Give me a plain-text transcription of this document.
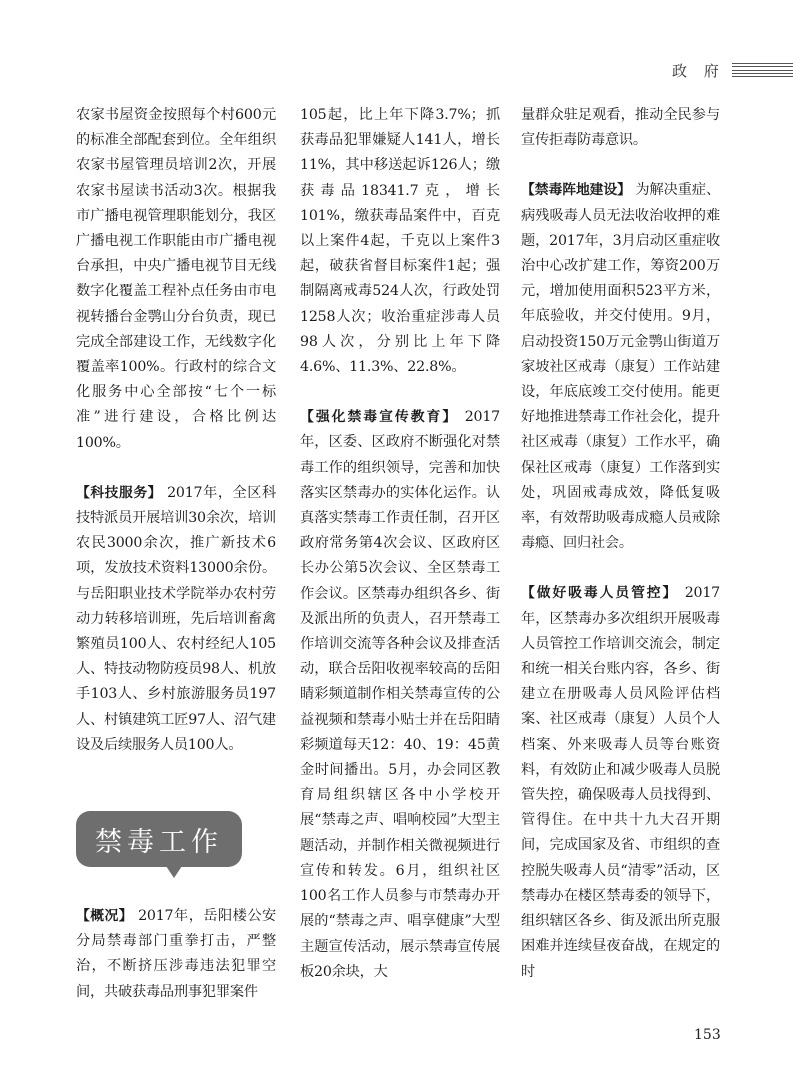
政 府

农家书屋资金按照每个村600元的标准全部配套到位。全年组织农家书屋管理员培训2次，开展农家书屋读书活动3次。根据我市广播电视管理职能划分，我区广播电视工作职能由市广播电视台承担，中央广播电视节目无线数字化覆盖工程补点任务由市电视转播台金鹗山分台负责，现已完成全部建设工作，无线数字化覆盖率100%。行政村的综合文化服务中心全部按“七个一标准”进行建设，合格比例达100%。

【科技服务】 2017年，全区科技特派员开展培训30余次，培训农民3000余次，推广新技术6项，发放技术资料13000余份。与岳阳职业技术学院举办农村劳动力转移培训班，先后培训畜禽繁殖员100人、农村经纪人105人、特技动物防疫员98人、机放手103人、乡村旅游服务员197人、村镇建筑工匠97人、沼气建设及后续服务人员100人。

禁毒工作

【概况】 2017年，岳阳楼公安分局禁毒部门重拳打击，严整治，不断挤压涉毒违法犯罪空间，共破获毒品刑事犯罪案件

105起，比上年下降3.7%；抓获毒品犯罪嫌疑人141人，增长11%，其中移送起诉126人；缴获毒品18341.7克，增长101%，缴获毒品案件中，百克以上案件4起，千克以上案件3起，破获省督目标案件1起；强制隔离戒毒524人次，行政处罚1258人次；收治重症涉毒人员98人次，分别比上年下降4.6%、11.3%、22.8%。

【强化禁毒宣传教育】 2017年，区委、区政府不断强化对禁毒工作的组织领导，完善和加快落实区禁毒办的实体化运作。认真落实禁毒工作责任制，召开区政府常务第4次会议、区政府区长办公第5次会议、全区禁毒工作会议。区禁毒办组织各乡、街及派出所的负责人，召开禁毒工作培训交流等各种会议及排查活动，联合岳阳收视率较高的岳阳睛彩频道制作相关禁毒宣传的公益视频和禁毒小贴士并在岳阳睛彩频道每天12：40、19：45黄金时间播出。5月，办会同区教育局组织辖区各中小学校开展“禁毒之声、唱响校园”大型主题活动，并制作相关微视频进行宣传和转发。6月，组织社区100名工作人员参与市禁毒办开展的“禁毒之声、唱享健康”大型主题宣传活动，展示禁毒宣传展板20余块，大

量群众驻足观看，推动全民参与宣传拒毒防毒意识。

【禁毒阵地建设】 为解决重症、病残吸毒人员无法收治收押的难题，2017年，3月启动区重症收治中心改扩建工作，筹资200万元，增加使用面积523平方米，年底验收，并交付使用。9月，启动投资150万元金鹗山街道万家坡社区戒毒（康复）工作站建设，年底底竣工交付使用。能更好地推进禁毒工作社会化，提升社区戒毒（康复）工作水平，确保社区戒毒（康复）工作落到实处，巩固戒毒成效，降低复吸率，有效帮助吸毒成瘾人员戒除毒瘾、回归社会。

【做好吸毒人员管控】 2017年，区禁毒办多次组织开展吸毒人员管控工作培训交流会，制定和统一相关台账内容，各乡、街建立在册吸毒人员风险评估档案、社区戒毒（康复）人员个人档案、外来吸毒人员等台账资料，有效防止和减少吸毒人员脱管失控，确保吸毒人员找得到、管得住。在中共十九大召开期间，完成国家及省、市组织的查控脱失吸毒人员“清零”活动，区禁毒办在楼区禁毒委的领导下，组织辖区各乡、街及派出所克服困难并连续昼夜奋战，在规定的时

153
